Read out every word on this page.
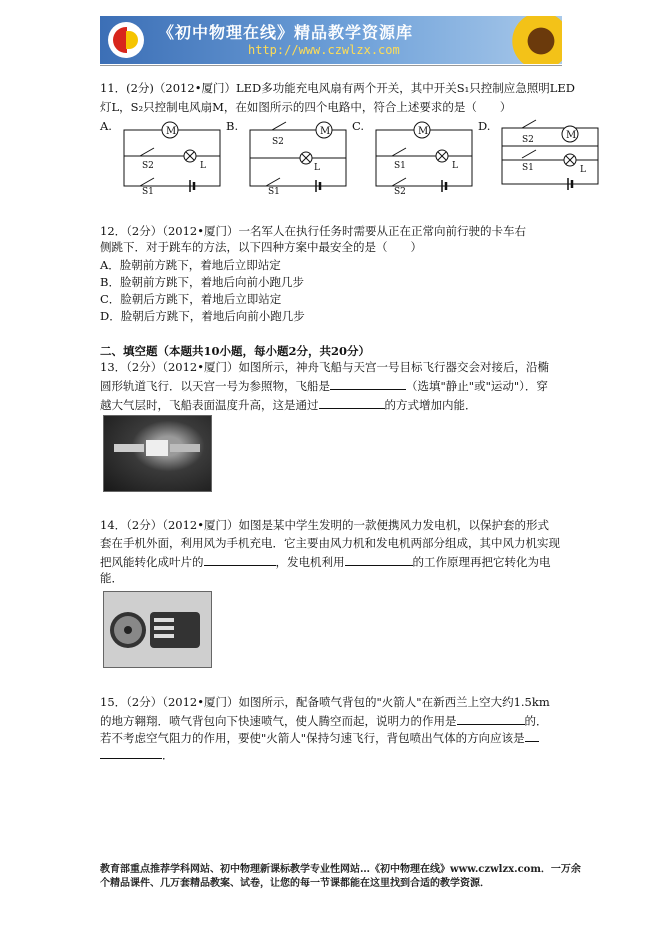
《初中物理在线》精品教学资源库
http://www.czwlzx.com
11．(2分)（2012•厦门）LED多功能充电风扇有两个开关，其中开关S₁只控制应急照明LED
灯L，S₂只控制电风扇M，在如图所示的四个电路中，符合上述要求的是（　　）
A.	B.	C.	D.
M
S2	L
S1
M
S2
L
S1
M
S1	L
S2
M
S2
S1	L
12．（2分）（2012•厦门）一名军人在执行任务时需要从正在正常向前行驶的卡车右
侧跳下．对于跳车的方法，以下四种方案中最安全的是（　　）
A．脸朝前方跳下，着地后立即站定
B．脸朝前方跳下，着地后向前小跑几步
C．脸朝后方跳下，着地后立即站定
D．脸朝后方跳下，着地后向前小跑几步
二、填空题（本题共10小题，每小题2分，共20分）
13．（2分）（2012•厦门）如图所示，神舟飞船与天宫一号目标飞行器交会对接后，沿椭
圆形轨道飞行．以天宫一号为参照物，飞船是	（选填"静止"或"运动"）．穿
越大气层时，飞船表面温度升高，这是通过	的方式增加内能．
14．（2分）（2012•厦门）如图是某中学生发明的一款便携风力发电机，以保护套的形式
套在手机外面，利用风为手机充电．它主要由风力机和发电机两部分组成，其中风力机实现
把风能转化成叶片的	，发电机利用	的工作原理再把它转化为电
能．
15．（2分）（2012•厦门）如图所示，配备喷气背包的"火箭人"在新西兰上空大约1.5km
的地方翱翔．喷气背包向下快速喷气，使人腾空而起，说明力的作用是	的．
若不考虑空气阻力的作用，要使"火箭人"保持匀速飞行，背包喷出气体的方向应该是
．
教育部重点推荐学科网站、初中物理新课标教学专业性网站…《初中物理在线》www.czwlzx.com．一万余
个精品课件、几万套精品教案、试卷，让您的每一节课都能在这里找到合适的教学资源．
